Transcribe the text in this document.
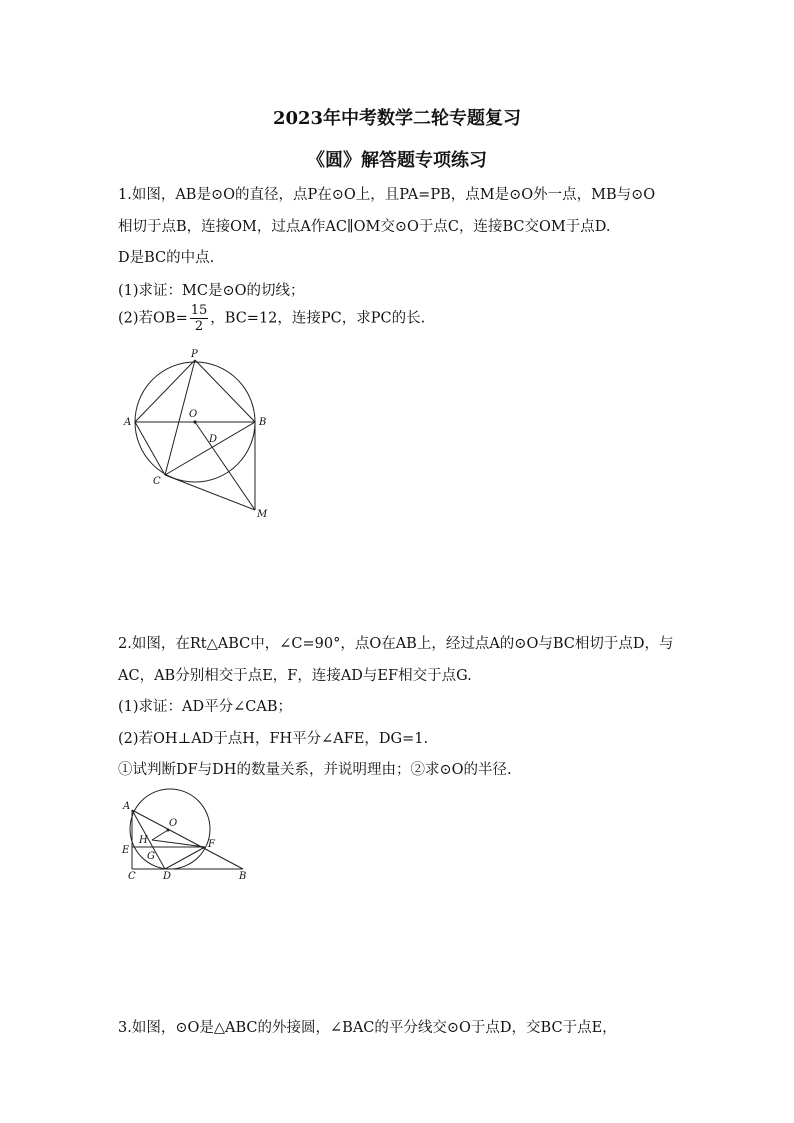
2023年中考数学二轮专题复习
《圆》解答题专项练习
1.如图，AB是⊙O的直径，点P在⊙O上，且PA=PB，点M是⊙O外一点，MB与⊙O
相切于点B，连接OM，过点A作AC∥OM交⊙O于点C，连接BC交OM于点D.
D是BC的中点.
(1)求证：MC是⊙O的切线；
(2)若$OB= \frac{15}{2}$ ，BC=12，连接PC，求PC的长.
P
A
O
D
B
C
M
2.如图，在Rt△ABC中，∠C=90°，点O在AB上，经过点A的⊙O与BC相切于点D，与
AC，AB分别相交于点E，F，连接AD与EF相交于点G.
(1)求证：AD平分∠CAB；
(2)若OH⊥AD于点H，FH平分∠AFE，DG=1.
①试判断DF与DH的数量关系，并说明理由；②求⊙O的半径.
A
O
H	F
E
G
C	D	B
3.如图，⊙O是△ABC的外接圆，∠BAC的平分线交⊙O于点D，交BC于点E，
